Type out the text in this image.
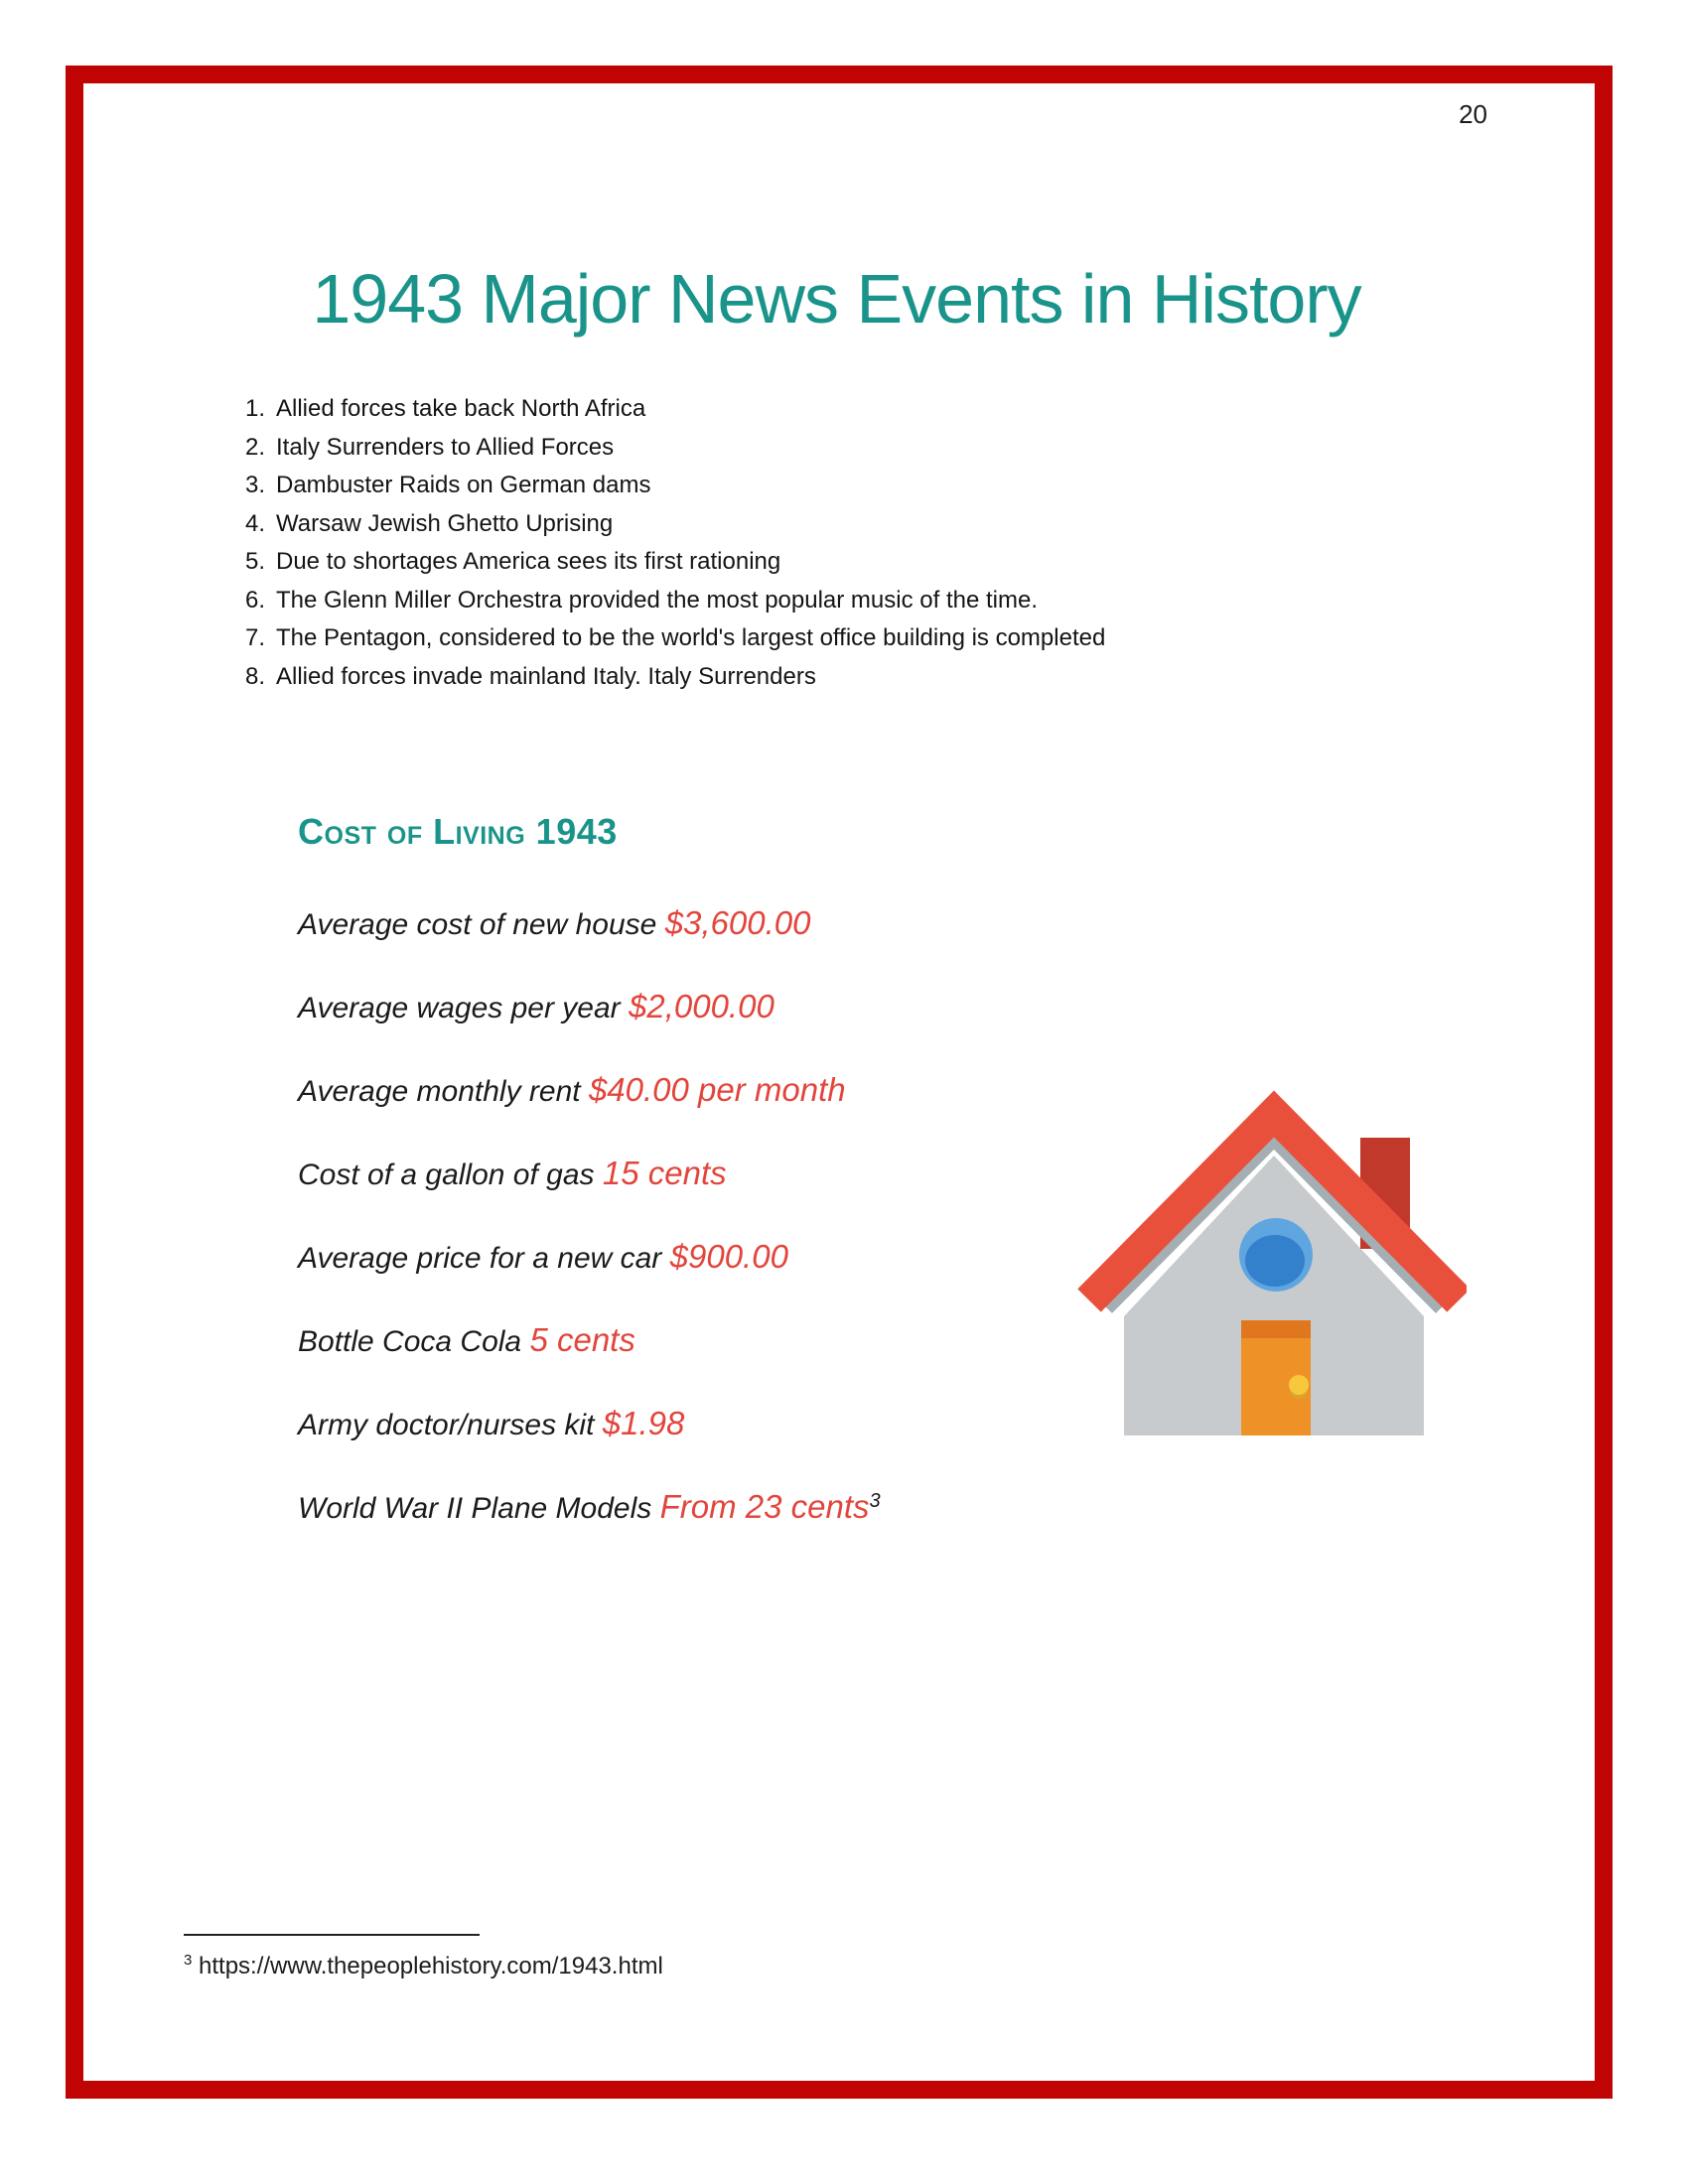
20
1943 Major News Events in History
Allied forces take back North Africa
Italy Surrenders to Allied Forces
Dambuster Raids on German dams
Warsaw Jewish Ghetto Uprising
Due to shortages America sees its first rationing
The Glenn Miller Orchestra provided the most popular music of the time.
The Pentagon, considered to be the world's largest office building is completed
Allied forces invade mainland Italy. Italy Surrenders
Cost of Living 1943

Average cost of new house $3,600.00

Average wages per year $2,000.00

Average monthly rent $40.00 per month

Cost of a gallon of gas 15 cents

Average price for a new car $900.00

Bottle Coca Cola 5 cents

Army doctor/nurses kit $1.98

World War II Plane Models From 23 cents$^3$

$^3$ https://www.thepeoplehistory.com/1943.html
